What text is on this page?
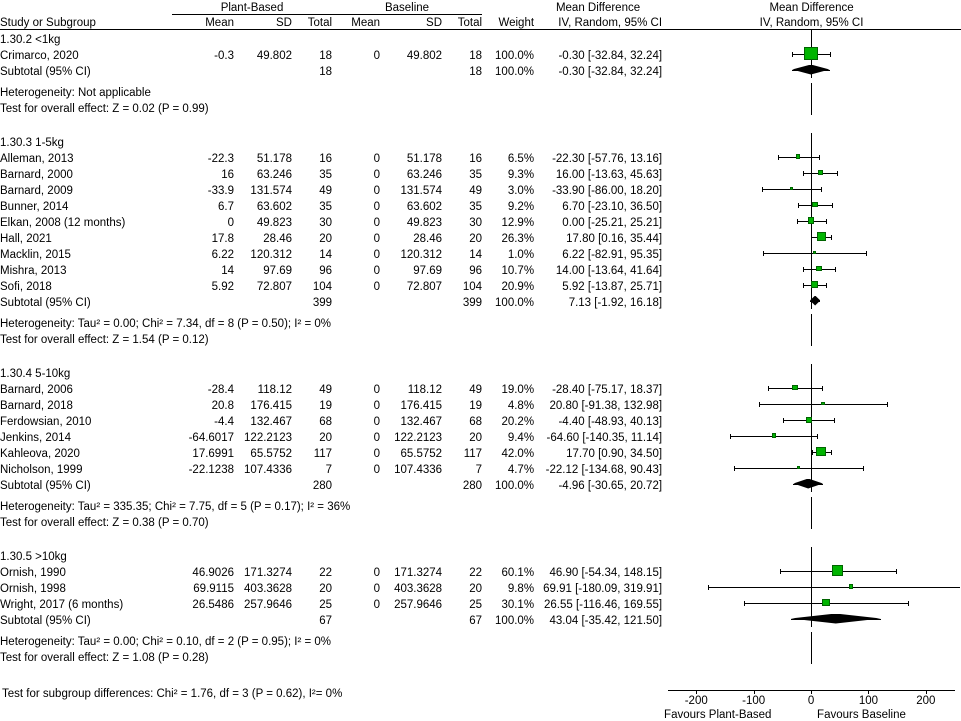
	Plant-Based			Baseline				Mean Difference	Mean Difference
Study or Subgroup	Mean	SD	Total	Mean	SD	Total	Weight	IV, Random, 95% CI	IV, Random, 95% CI
1.30.2 <1kg									

Crimarco, 2020	-0.3	49.802	18	0	49.802	18	100.0%	-0.30 [-32.84, 32.24]	

Subtotal (95% CI)			18			18	100.0%	-0.30 [-32.84, 32.24]	

Heterogeneity: Not applicable									

Test for overall effect: Z = 0.02 (P = 0.99)									

1.30.3 1-5kg									

Alleman, 2013	-22.3	51.178	16	0	51.178	16	6.5%	-22.30 [-57.76, 13.16]	

Barnard, 2000	16	63.246	35	0	63.246	35	9.3%	16.00 [-13.63, 45.63]	

Barnard, 2009	-33.9	131.574	49	0	131.574	49	3.0%	-33.90 [-86.00, 18.20]	

Bunner, 2014	6.7	63.602	35	0	63.602	35	9.2%	6.70 [-23.10, 36.50]	

Elkan, 2008 (12 months)	0	49.823	30	0	49.823	30	12.9%	0.00 [-25.21, 25.21]	

Hall, 2021	17.8	28.46	20	0	28.46	20	26.3%	17.80 [0.16, 35.44]	

Macklin, 2015	6.22	120.312	14	0	120.312	14	1.0%	6.22 [-82.91, 95.35]	

Mishra, 2013	14	97.69	96	0	97.69	96	10.7%	14.00 [-13.64, 41.64]	

Sofi, 2018	5.92	72.807	104	0	72.807	104	20.9%	5.92 [-13.87, 25.71]	

Subtotal (95% CI)			399			399	100.0%	7.13 [-1.92, 16.18]	

Heterogeneity: Tau² = 0.00; Chi² = 7.34, df = 8 (P = 0.50); I² = 0%									

Test for overall effect: Z = 1.54 (P = 0.12)									

1.30.4 5-10kg									

Barnard, 2006	-28.4	118.12	49	0	118.12	49	19.0%	-28.40 [-75.17, 18.37]	

Barnard, 2018	20.8	176.415	19	0	176.415	19	4.8%	20.80 [-91.38, 132.98]	

Ferdowsian, 2010	-4.4	132.467	68	0	132.467	68	20.2%	-4.40 [-48.93, 40.13]	

Jenkins, 2014	-64.6017	122.2123	20	0	122.2123	20	9.4%	-64.60 [-140.35, 11.14]	

Kahleova, 2020	17.6991	65.5752	117	0	65.5752	117	42.0%	17.70 [0.90, 34.50]	

Nicholson, 1999	-22.1238	107.4336	7	0	107.4336	7	4.7%	-22.12 [-134.68, 90.43]	

Subtotal (95% CI)			280			280	100.0%	-4.96 [-30.65, 20.72]	

Heterogeneity: Tau² = 335.35; Chi² = 7.75, df = 5 (P = 0.17); I² = 36%									

Test for overall effect: Z = 0.38 (P = 0.70)									

1.30.5 >10kg									

Ornish, 1990	46.9026	171.3274	22	0	171.3274	22	60.1%	46.90 [-54.34, 148.15]	

Ornish, 1998	69.9115	403.3628	20	0	403.3628	20	9.8%	69.91 [-180.09, 319.91]	

Wright, 2017 (6 months)	26.5486	257.9646	25	0	257.9646	25	30.1%	26.55 [-116.46, 169.55]	

Subtotal (95% CI)			67			67	100.0%	43.04 [-35.42, 121.50]	

Heterogeneity: Tau² = 0.00; Chi² = 0.10, df = 2 (P = 0.95); I² = 0%									

Test for overall effect: Z = 1.08 (P = 0.28)									

-200	-100	0	100	200
Favours Plant-Based	Favours Baseline
Test for subgroup differences: Chi² = 1.76, df = 3 (P = 0.62), I²= 0%
